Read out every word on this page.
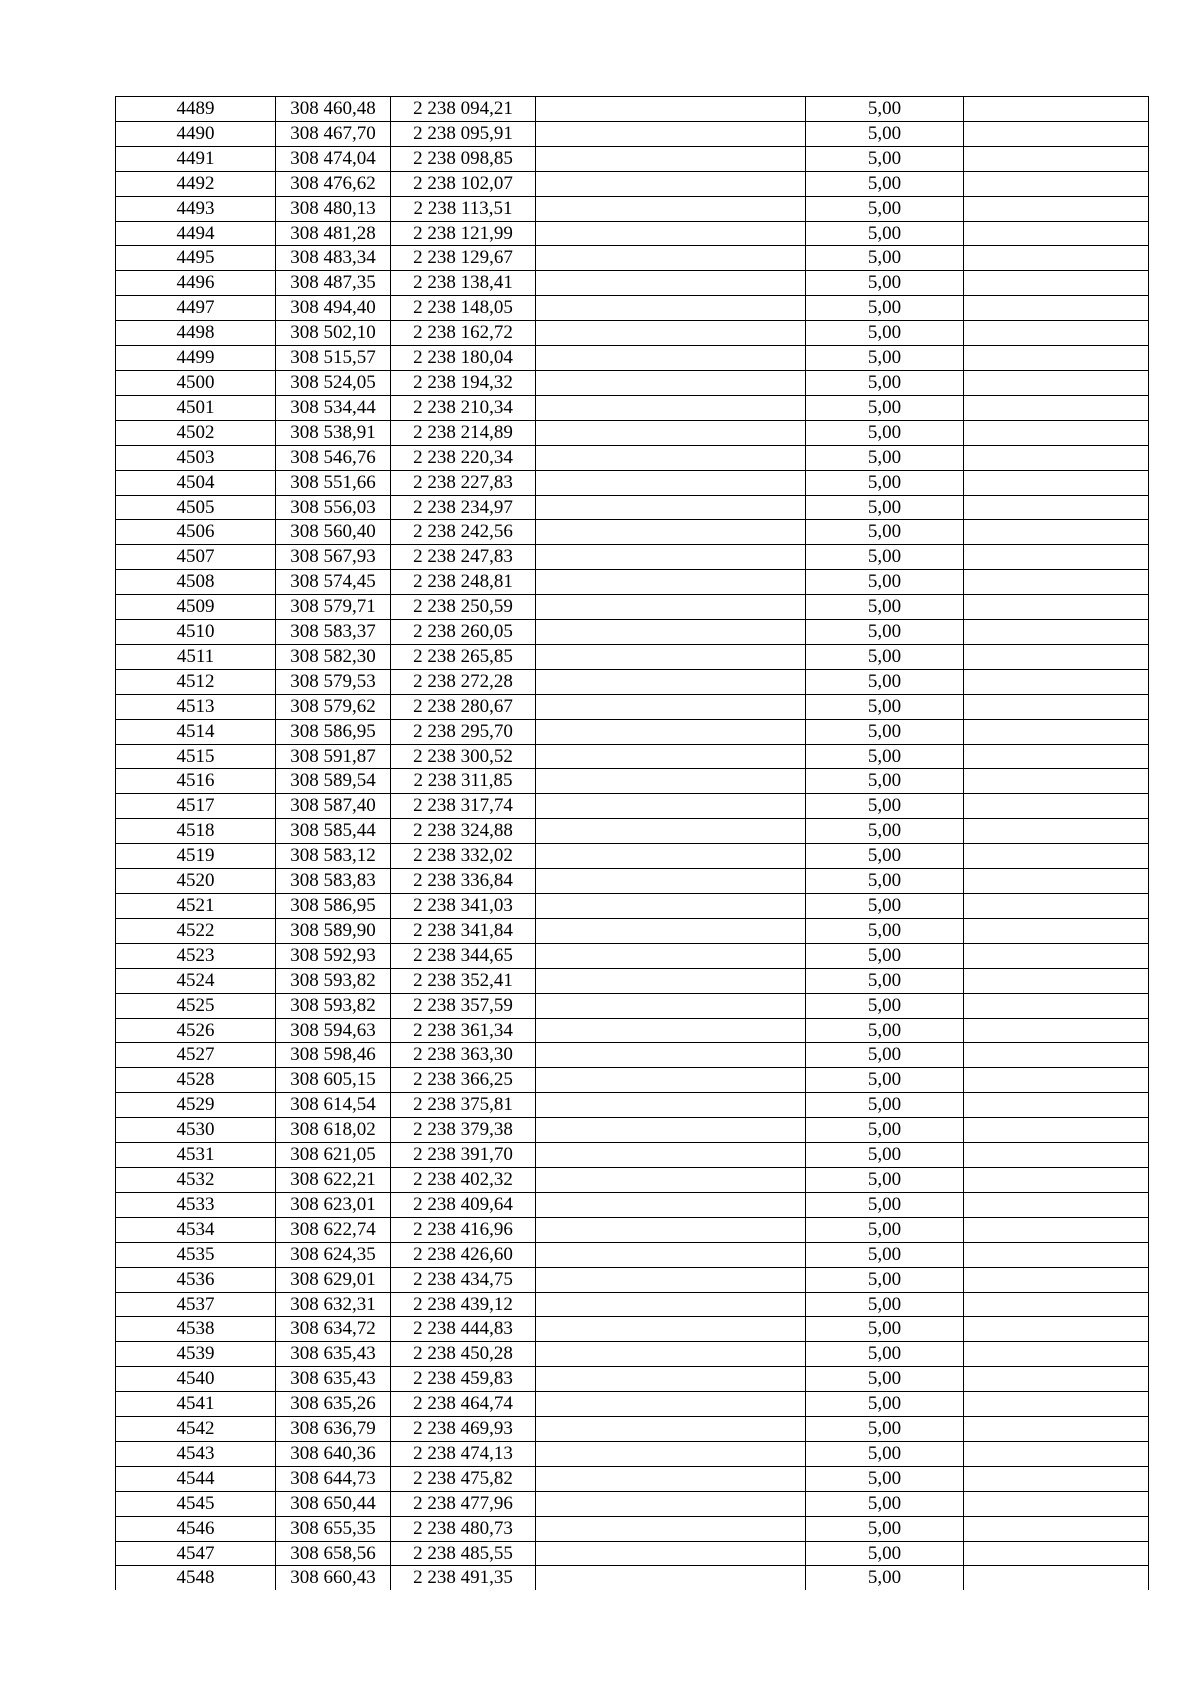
4489	308 460,48	2 238 094,21		5,00	
4490	308 467,70	2 238 095,91		5,00	
4491	308 474,04	2 238 098,85		5,00	
4492	308 476,62	2 238 102,07		5,00	
4493	308 480,13	2 238 113,51		5,00	
4494	308 481,28	2 238 121,99		5,00	
4495	308 483,34	2 238 129,67		5,00	
4496	308 487,35	2 238 138,41		5,00	
4497	308 494,40	2 238 148,05		5,00	
4498	308 502,10	2 238 162,72		5,00	
4499	308 515,57	2 238 180,04		5,00	
4500	308 524,05	2 238 194,32		5,00	
4501	308 534,44	2 238 210,34		5,00	
4502	308 538,91	2 238 214,89		5,00	
4503	308 546,76	2 238 220,34		5,00	
4504	308 551,66	2 238 227,83		5,00	
4505	308 556,03	2 238 234,97		5,00	
4506	308 560,40	2 238 242,56		5,00	
4507	308 567,93	2 238 247,83		5,00	
4508	308 574,45	2 238 248,81		5,00	
4509	308 579,71	2 238 250,59		5,00	
4510	308 583,37	2 238 260,05		5,00	
4511	308 582,30	2 238 265,85		5,00	
4512	308 579,53	2 238 272,28		5,00	
4513	308 579,62	2 238 280,67		5,00	
4514	308 586,95	2 238 295,70		5,00	
4515	308 591,87	2 238 300,52		5,00	
4516	308 589,54	2 238 311,85		5,00	
4517	308 587,40	2 238 317,74		5,00	
4518	308 585,44	2 238 324,88		5,00	
4519	308 583,12	2 238 332,02		5,00	
4520	308 583,83	2 238 336,84		5,00	
4521	308 586,95	2 238 341,03		5,00	
4522	308 589,90	2 238 341,84		5,00	
4523	308 592,93	2 238 344,65		5,00	
4524	308 593,82	2 238 352,41		5,00	
4525	308 593,82	2 238 357,59		5,00	
4526	308 594,63	2 238 361,34		5,00	
4527	308 598,46	2 238 363,30		5,00	
4528	308 605,15	2 238 366,25		5,00	
4529	308 614,54	2 238 375,81		5,00	
4530	308 618,02	2 238 379,38		5,00	
4531	308 621,05	2 238 391,70		5,00	
4532	308 622,21	2 238 402,32		5,00	
4533	308 623,01	2 238 409,64		5,00	
4534	308 622,74	2 238 416,96		5,00	
4535	308 624,35	2 238 426,60		5,00	
4536	308 629,01	2 238 434,75		5,00	
4537	308 632,31	2 238 439,12		5,00	
4538	308 634,72	2 238 444,83		5,00	
4539	308 635,43	2 238 450,28		5,00	
4540	308 635,43	2 238 459,83		5,00	
4541	308 635,26	2 238 464,74		5,00	
4542	308 636,79	2 238 469,93		5,00	
4543	308 640,36	2 238 474,13		5,00	
4544	308 644,73	2 238 475,82		5,00	
4545	308 650,44	2 238 477,96		5,00	
4546	308 655,35	2 238 480,73		5,00	
4547	308 658,56	2 238 485,55		5,00	
4548	308 660,43	2 238 491,35		5,00	
